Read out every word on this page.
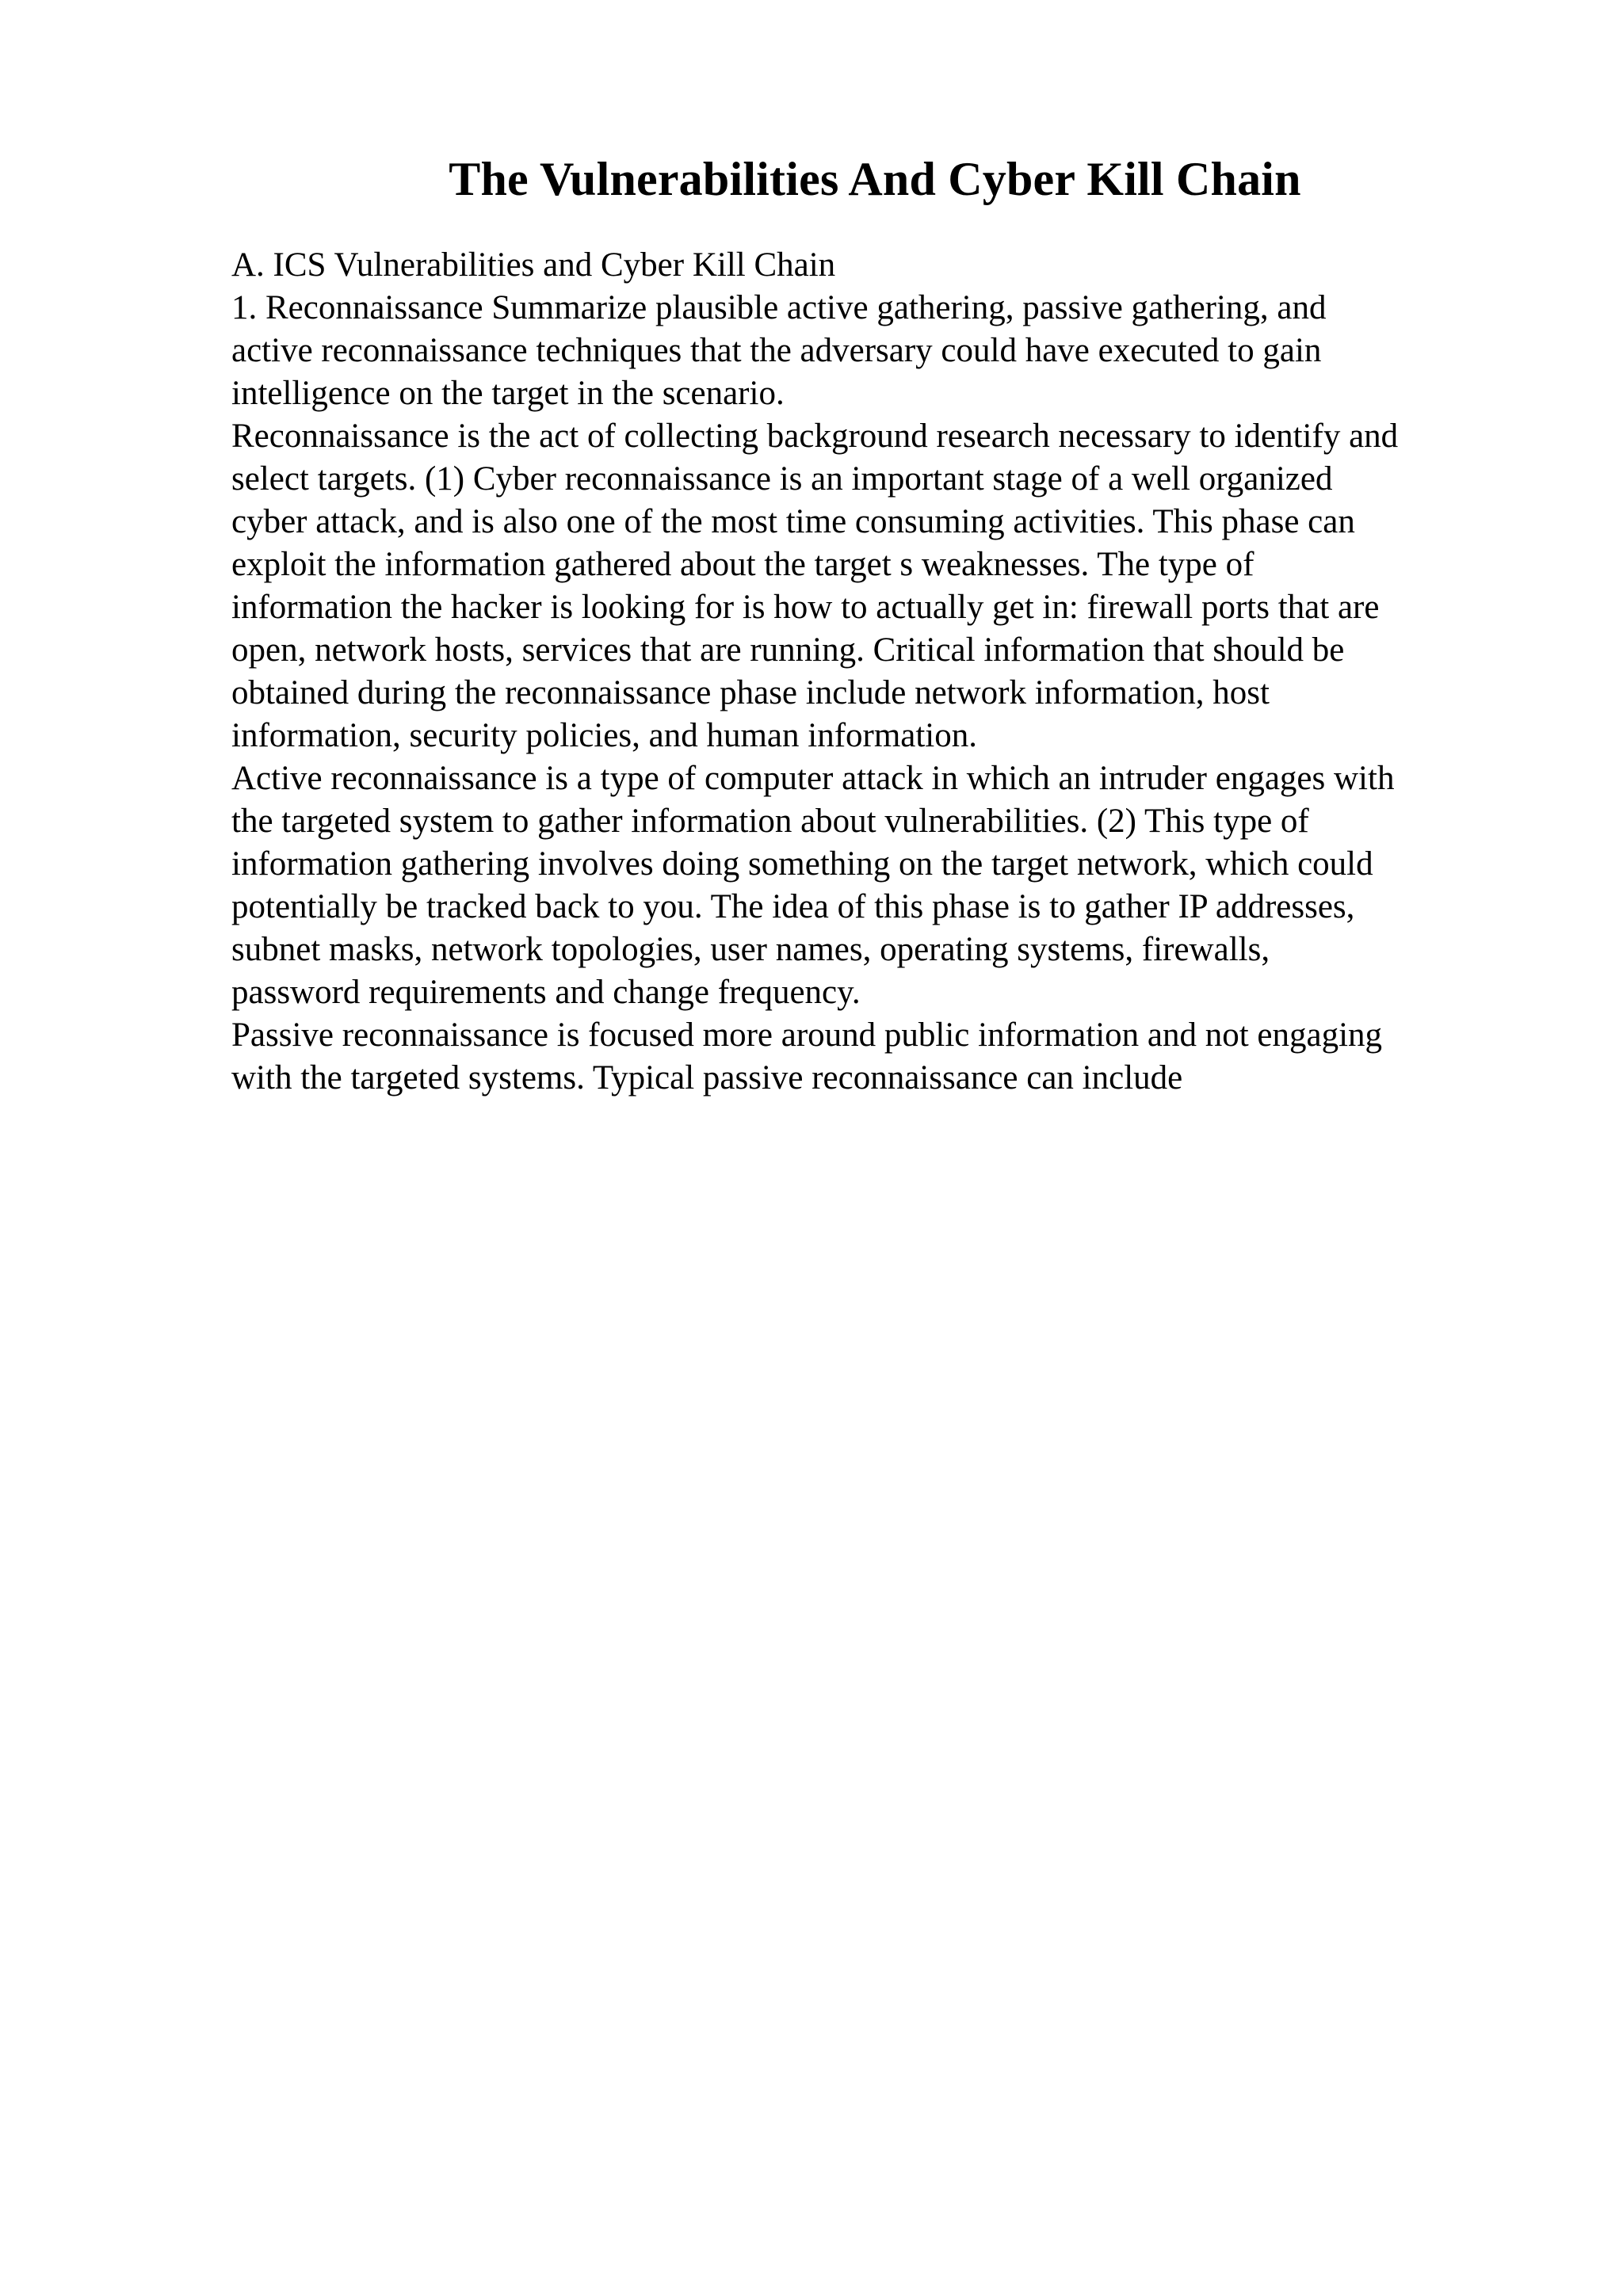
The Vulnerabilities And Cyber Kill Chain
A. ICS Vulnerabilities and Cyber Kill Chain
1. Reconnaissance Summarize plausible active gathering, passive gathering, and
active reconnaissance techniques that the adversary could have executed to gain
intelligence on the target in the scenario.
Reconnaissance is the act of collecting background research necessary to identify and
select targets. (1) Cyber reconnaissance is an important stage of a well organized
cyber attack, and is also one of the most time consuming activities. This phase can
exploit the information gathered about the target s weaknesses. The type of
information the hacker is looking for is how to actually get in: firewall ports that are
open, network hosts, services that are running. Critical information that should be
obtained during the reconnaissance phase include network information, host
information, security policies, and human information.
Active reconnaissance is a type of computer attack in which an intruder engages with
the targeted system to gather information about vulnerabilities. (2) This type of
information gathering involves doing something on the target network, which could
potentially be tracked back to you. The idea of this phase is to gather IP addresses,
subnet masks, network topologies, user names, operating systems, firewalls,
password requirements and change frequency.
Passive reconnaissance is focused more around public information and not engaging
with the targeted systems. Typical passive reconnaissance can include
